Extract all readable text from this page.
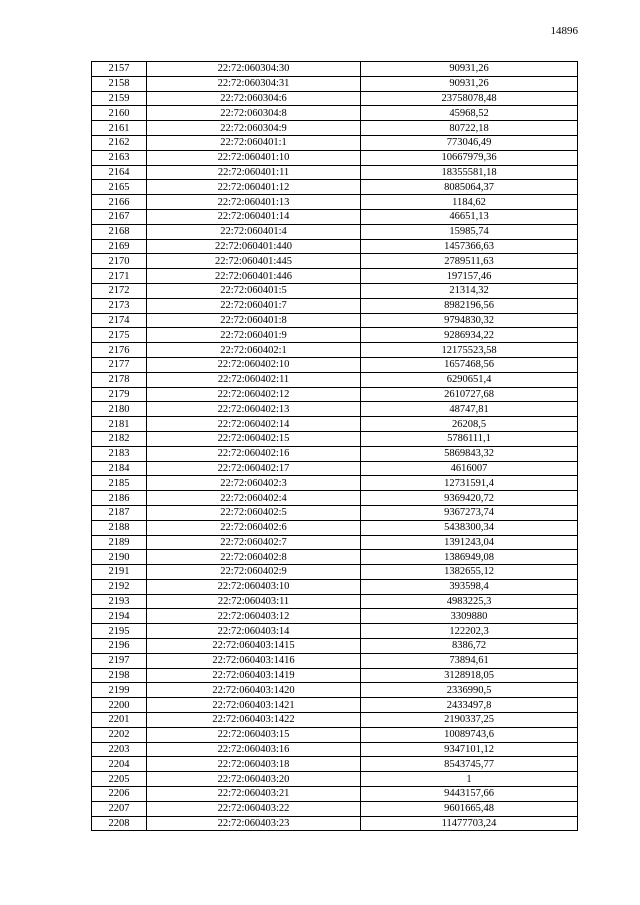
14896
2157	22:72:060304:30	90931,26
2158	22:72:060304:31	90931,26
2159	22:72:060304:6	23758078,48
2160	22:72:060304:8	45968,52
2161	22:72:060304:9	80722,18
2162	22:72:060401:1	773046,49
2163	22:72:060401:10	10667979,36
2164	22:72:060401:11	18355581,18
2165	22:72:060401:12	8085064,37
2166	22:72:060401:13	1184,62
2167	22:72:060401:14	46651,13
2168	22:72:060401:4	15985,74
2169	22:72:060401:440	1457366,63
2170	22:72:060401:445	2789511,63
2171	22:72:060401:446	197157,46
2172	22:72:060401:5	21314,32
2173	22:72:060401:7	8982196,56
2174	22:72:060401:8	9794830,32
2175	22:72:060401:9	9286934,22
2176	22:72:060402:1	12175523,58
2177	22:72:060402:10	1657468,56
2178	22:72:060402:11	6290651,4
2179	22:72:060402:12	2610727,68
2180	22:72:060402:13	48747,81
2181	22:72:060402:14	26208,5
2182	22:72:060402:15	5786111,1
2183	22:72:060402:16	5869843,32
2184	22:72:060402:17	4616007
2185	22:72:060402:3	12731591,4
2186	22:72:060402:4	9369420,72
2187	22:72:060402:5	9367273,74
2188	22:72:060402:6	5438300,34
2189	22:72:060402:7	1391243,04
2190	22:72:060402:8	1386949,08
2191	22:72:060402:9	1382655,12
2192	22:72:060403:10	393598,4
2193	22:72:060403:11	4983225,3
2194	22:72:060403:12	3309880
2195	22:72:060403:14	122202,3
2196	22:72:060403:1415	8386,72
2197	22:72:060403:1416	73894,61
2198	22:72:060403:1419	3128918,05
2199	22:72:060403:1420	2336990,5
2200	22:72:060403:1421	2433497,8
2201	22:72:060403:1422	2190337,25
2202	22:72:060403:15	10089743,6
2203	22:72:060403:16	9347101,12
2204	22:72:060403:18	8543745,77
2205	22:72:060403:20	1
2206	22:72:060403:21	9443157,66
2207	22:72:060403:22	9601665,48
2208	22:72:060403:23	11477703,24
